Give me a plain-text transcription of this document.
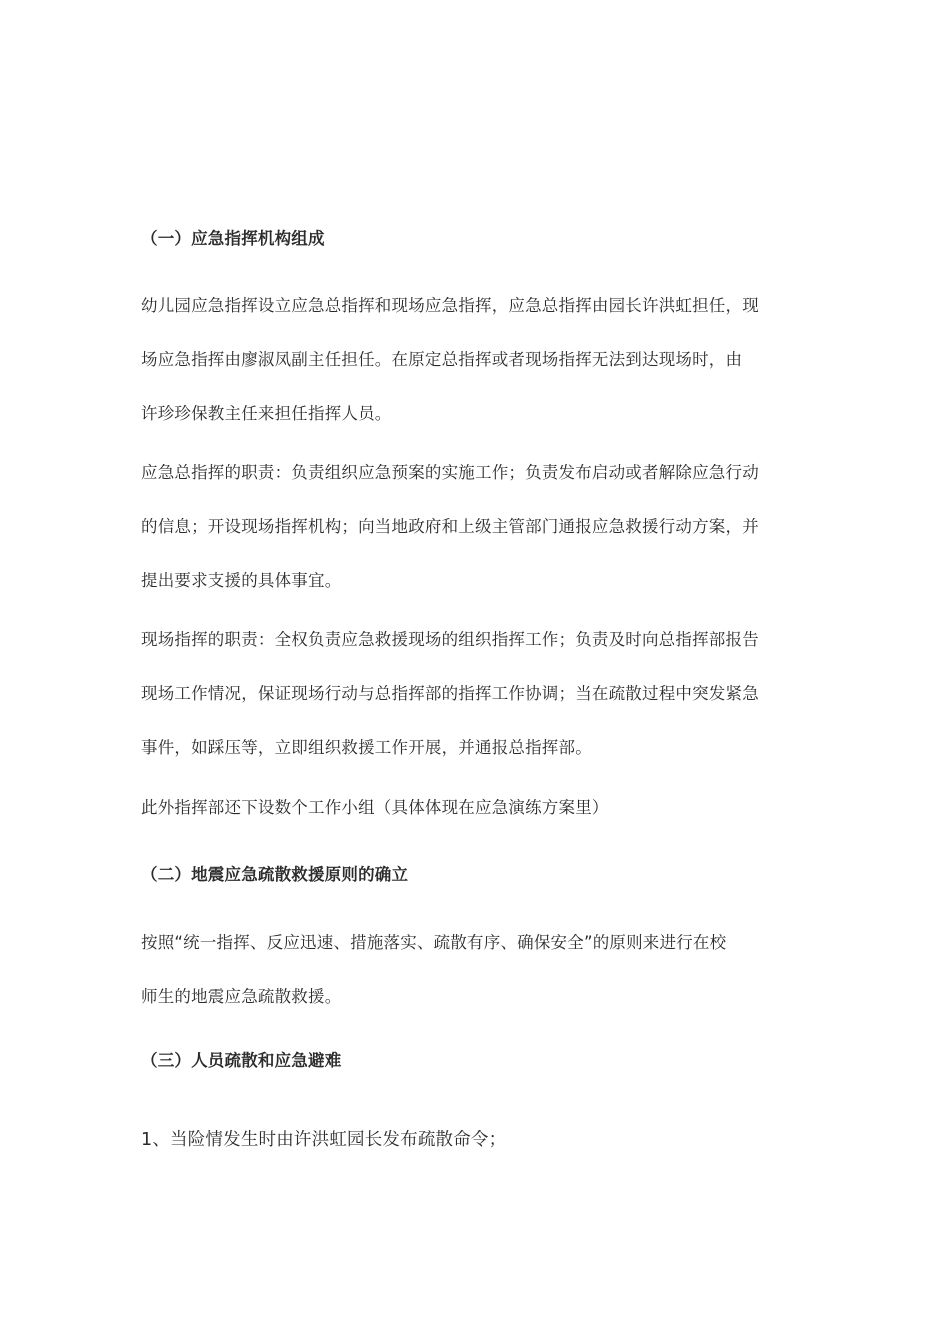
（一）应急指挥机构组成

幼儿园应急指挥设立应急总指挥和现场应急指挥，应急总指挥由园长许洪虹担任，现
场应急指挥由廖淑凤副主任担任。在原定总指挥或者现场指挥无法到达现场时，由
许珍珍保教主任来担任指挥人员。

应急总指挥的职责：负责组织应急预案的实施工作；负责发布启动或者解除应急行动
的信息；开设现场指挥机构；向当地政府和上级主管部门通报应急救援行动方案，并
提出要求支援的具体事宜。

现场指挥的职责：全权负责应急救援现场的组织指挥工作；负责及时向总指挥部报告
现场工作情况，保证现场行动与总指挥部的指挥工作协调；当在疏散过程中突发紧急
事件，如踩压等，立即组织救援工作开展，并通报总指挥部。

此外指挥部还下设数个工作小组（具体体现在应急演练方案里）

（二）地震应急疏散救援原则的确立

按照“统一指挥、反应迅速、措施落实、疏散有序、确保安全”的原则来进行在校
师生的地震应急疏散救援。

（三）人员疏散和应急避难

1、当险情发生时由许洪虹园长发布疏散命令；
